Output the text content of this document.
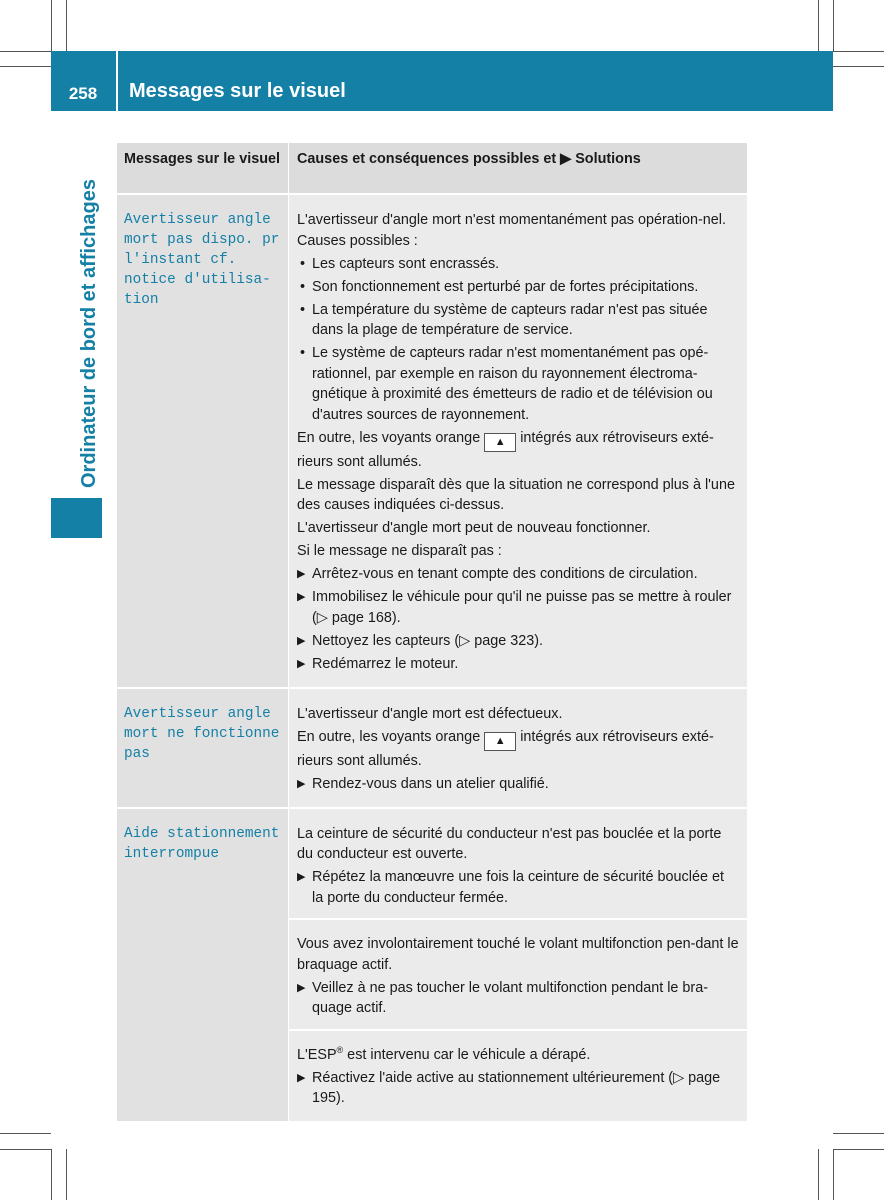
258	Messages sur le visuel
Ordinateur de bord et affichages
Messages sur le visuel	Causes et conséquences possibles et ▶ Solutions
Avertisseur angle
mort pas dispo. pr
l'instant cf.
notice d'utilisa-
tion

L'avertisseur d'angle mort n'est momentanément pas opération-nel. Causes possibles :

• Les capteurs sont encrassés.
• Son fonctionnement est perturbé par de fortes précipitations.
• La température du système de capteurs radar n'est pas située dans la plage de température de service.
• Le système de capteurs radar n'est momentanément pas opé-rationnel, par exemple en raison du rayonnement électroma-gnétique à proximité des émetteurs de radio et de télévision ou d'autres sources de rayonnement.

En outre, les voyants orange ▲ intégrés aux rétroviseurs exté-rieurs sont allumés.

Le message disparaît dès que la situation ne correspond plus à l'une des causes indiquées ci-dessus.

L'avertisseur d'angle mort peut de nouveau fonctionner.

Si le message ne disparaît pas :

▶ Arrêtez-vous en tenant compte des conditions de circulation.
▶ Immobilisez le véhicule pour qu'il ne puisse pas se mettre à rouler (▷ page 168).
▶ Nettoyez les capteurs (▷ page 323).
▶ Redémarrez le moteur.
Avertisseur angle
mort ne fonctionne
pas

L'avertisseur d'angle mort est défectueux.

En outre, les voyants orange ▲ intégrés aux rétroviseurs exté-rieurs sont allumés.

▶ Rendez-vous dans un atelier qualifié.
Aide stationnement
interrompue

La ceinture de sécurité du conducteur n'est pas bouclée et la porte du conducteur est ouverte.

▶ Répétez la manœuvre une fois la ceinture de sécurité bouclée et la porte du conducteur fermée.

Vous avez involontairement touché le volant multifonction pen-dant le braquage actif.

▶ Veillez à ne pas toucher le volant multifonction pendant le bra-quage actif.

L'ESP® est intervenu car le véhicule a dérapé.

▶ Réactivez l'aide active au stationnement ultérieurement (▷ page 195).
